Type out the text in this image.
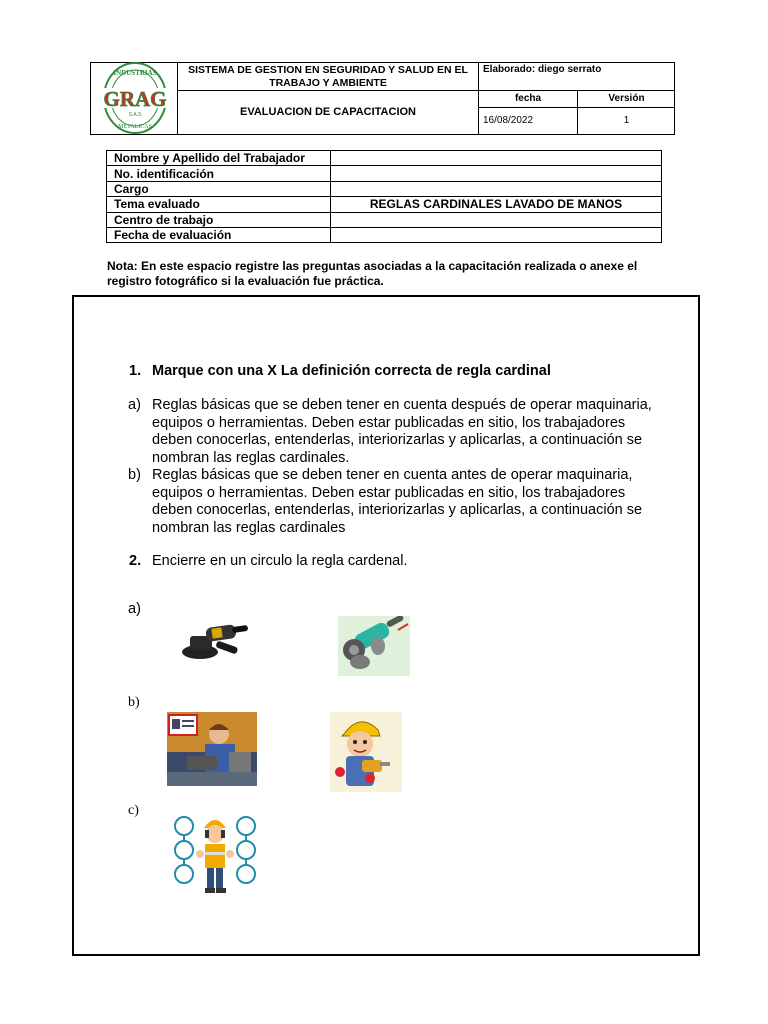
INDUSTRIAS
METALICAS
GRAG
S.A.S
SISTEMA DE GESTION EN SEGURIDAD Y SALUD EN EL TRABAJO Y AMBIENTE
EVALUACION DE CAPACITACION
Elaborado: diego serrato
fecha	Versión
16/08/2022	1
Nombre y Apellido del Trabajador	
No. identificación	
Cargo	
Tema evaluado	REGLAS CARDINALES LAVADO DE MANOS
Centro de trabajo	
Fecha de evaluación	
Nota: En este espacio registre las preguntas asociadas a la capacitación realizada o anexe el registro fotográfico si la evaluación fue práctica.
1. Marque con una X La definición correcta de regla cardinal
a) Reglas básicas que se deben tener en cuenta después de operar maquinaria, equipos o herramientas. Deben estar publicadas en sitio, los trabajadores deben conocerlas, entenderlas, interiorizarlas y aplicarlas, a continuación se nombran las reglas cardinales.
b) Reglas básicas que se deben tener en cuenta antes de operar maquinaria, equipos o herramientas. Deben estar publicadas en sitio, los trabajadores deben conocerlas, entenderlas, interiorizarlas y aplicarlas, a continuación se nombran las reglas cardinales
2. Encierre en un circulo la regla cardenal.
a)
b)
c)
